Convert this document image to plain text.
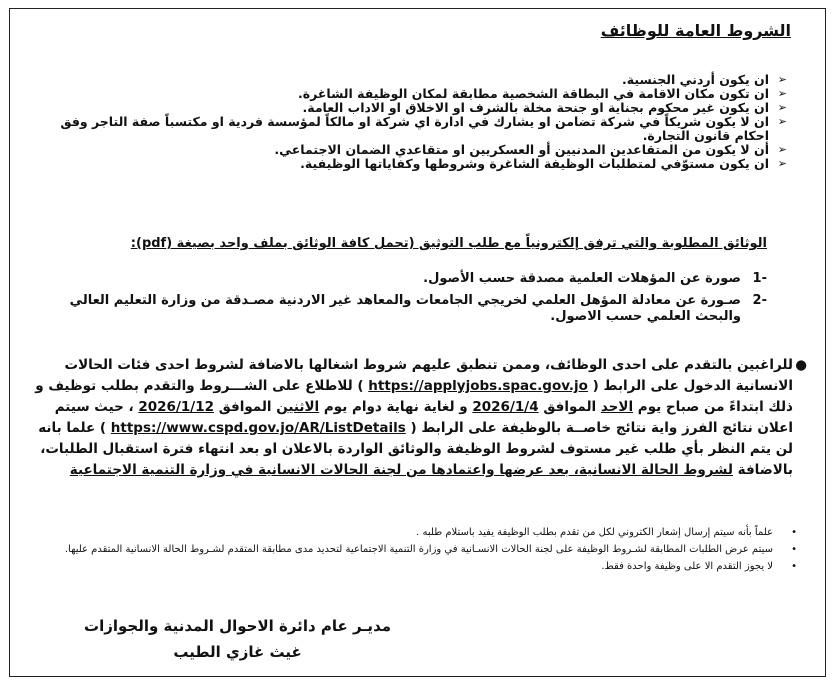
الشروط العامة للوظائف
➢
ان يكون أردني الجنسية.
➢
ان تكون مكان الاقامة في البطاقة الشخصية مطابقة لمكان الوظيفة الشاغرة.
➢
ان يكون غير محكوم بجناية او جنحة مخلة بالشرف او الاخلاق او الاداب العامة.
➢
ان لا يكون شريكاً في شركة تضامن او يشارك في ادارة اي شركة او مالكاً لمؤسسة فردية او مكتسباً صفة التاجر وفق احكام قانون التجارة.
➢
أن لا يكون من المتقاعدين المدنيين أو العسكريين او متقاعدي الضمان الاجتماعي.
➢
ان يكون مستوّفي لمتطلبات الوظيفة الشاغرة وشروطها وكفاياتها الوظيفية.
الوثائق المطلوبة والتي ترفق إلكترونياً مع طلب التوثيق (تحمل كافة الوثائق بملف واحد بصيغة (pdf):
-1
صورة عن المؤهلات العلمية مصدقة حسب الأصول.
-2
صـورة عن معادلة المؤهل العلمي لخريجي الجامعات والمعاهد غير الاردنية مصـدقة من وزارة التعليم العالي والبحث العلمي حسب الاصول.
●
للراغبين بالتقدم على احدى الوظائف، وممن تنطبق عليهم شروط اشغالها بالاضافة لشروط احدى فئات الحالات الانسانية الدخول على الرابط ( https://applyjobs.spac.gov.jo ) للاطلاع على الشـــروط والتقدم بطلب توظيف و ذلك ابتداءً من صباح يوم الاحد الموافق 2026/1/4 و لغاية نهاية دوام يوم الاثنين الموافق 2026/1/12 ، حيث سيتم اعلان نتائج الفرز واية نتائج خاصــة بالوظيفة على الرابط ( https://www.cspd.gov.jo/AR/ListDetails ) علما بانه لن يتم النظر بأي طلب غير مستوف لشروط الوظيفة والوثائق الواردة بالاعلان او بعد انتهاء فترة استقبال الطلبات، بالاضافة لشروط الحالة الانسانية، بعد عرضها واعتمادها من لجنة الحالات الانسانية في وزارة التنمية الاجتماعية
•
علماً بأنه سيتم إرسال إشعار الكتروني لكل من تقدم بطلب الوظيفة يفيد باستلام طلبه .
•
سيتم عرض الطلبات المطابقة لشـروط الوظيفة على لجنة الحالات الانسـانية في وزارة التنمية الاجتماعية لتحديد مدى مطابقة المتقدم لشـروط الحالة الانسانية المتقدم عليها.
•
لا يجوز التقدم الا على وظيفة واحدة فقط.
مديـر عام دائرة الاحوال المدنية والجوازات
غيث غازي الطيب
